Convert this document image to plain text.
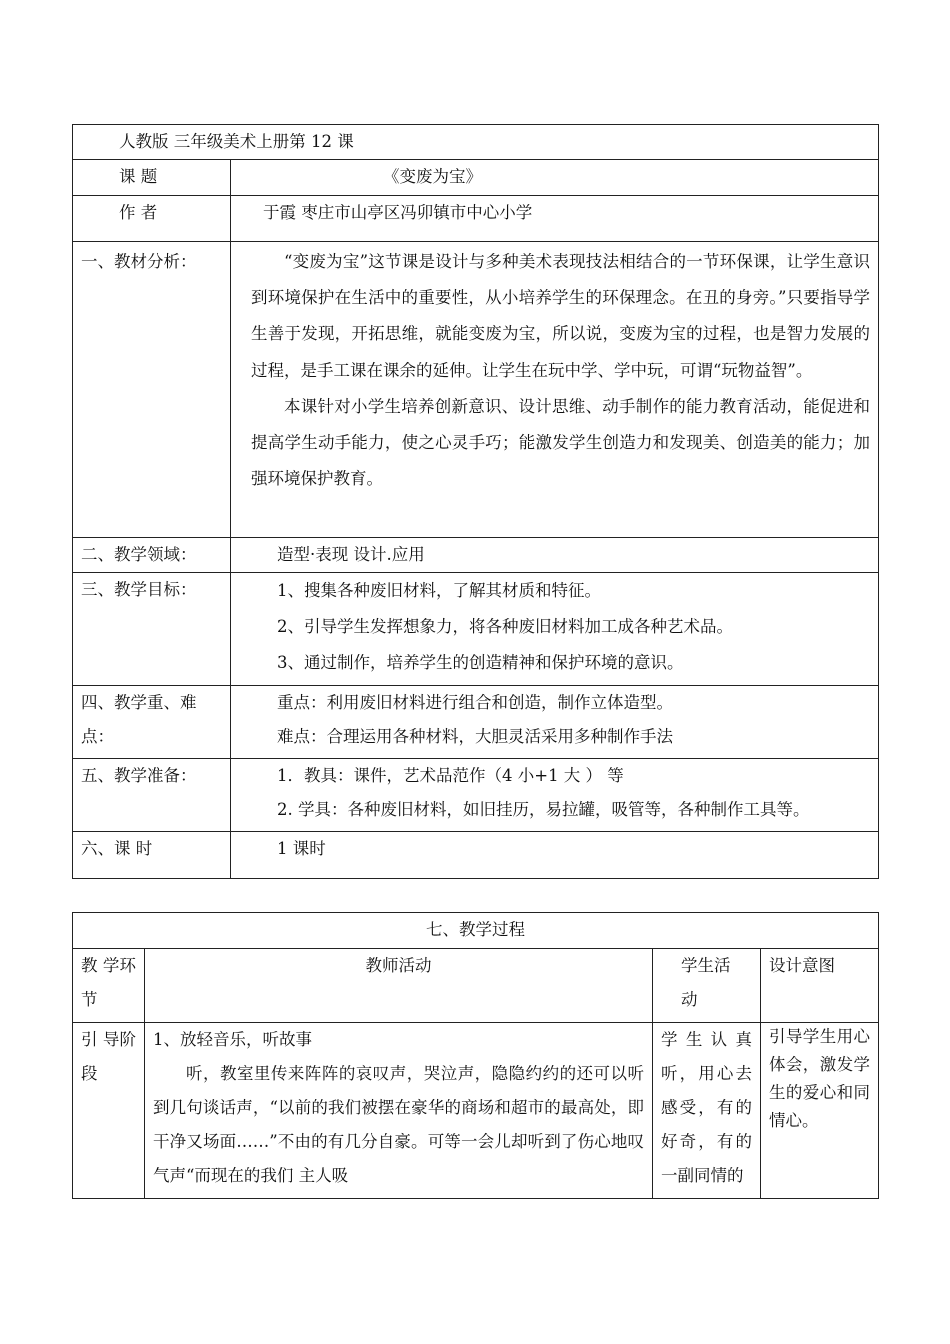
人教版 三年级美术上册第 12 课	
课 题	《变废为宝》
作 者	于霞 枣庄市山亭区冯卯镇市中心小学
一、教材分析：	“变废为宝”这节课是设计与多种美术表现技法相结合的一节环保课，让学生意识到环境保护在生活中的重要性，从小培养学生的环保理念。在丑的身旁。”只要指导学生善于发现，开拓思维，就能变废为宝，所以说，变废为宝的过程，也是智力发展的过程，是手工课在课余的延伸。让学生在玩中学、学中玩，可谓“玩物益智”。

本课针对小学生培养创新意识、设计思维、动手制作的能力教育活动，能促进和提高学生动手能力，使之心灵手巧；能激发学生创造力和发现美、创造美的能力；加强环境保护教育。

二、教学领域：	造型·表现 设计.应用
三、教学目标：	1、搜集各种废旧材料，了解其材质和特征。

2、引导学生发挥想象力，将各种废旧材料加工成各种艺术品。

3、通过制作，培养学生的创造精神和保护环境的意识。

四、教学重、难点：	重点：利用废旧材料进行组合和创造，制作立体造型。

难点：合理运用各种材料，大胆灵活采用多种制作手法

五、教学准备：	1．教具：课件，艺术品范作（4 小+1 大 ） 等

2. 学具：各种废旧材料，如旧挂历，易拉罐，吸管等，各种制作工具等。

六、课 时	1 课时
七、教学过程			
教 学环节	教师活动	学生活动	设计意图
引 导阶段	1、放轻音乐，听故事

听，教室里传来阵阵的哀叹声，哭泣声，隐隐约约的还可以听到几句谈话声，“以前的我们被摆在豪华的商场和超市的最高处，即干净又场面……”不由的有几分自豪。可等一会儿却听到了伤心地叹气声“而现在的我们 主人吸	学 生 认 真听，用心去感受，有的好奇，有的一副同情的	引导学生用心体会，激发学生的爱心和同情心。
